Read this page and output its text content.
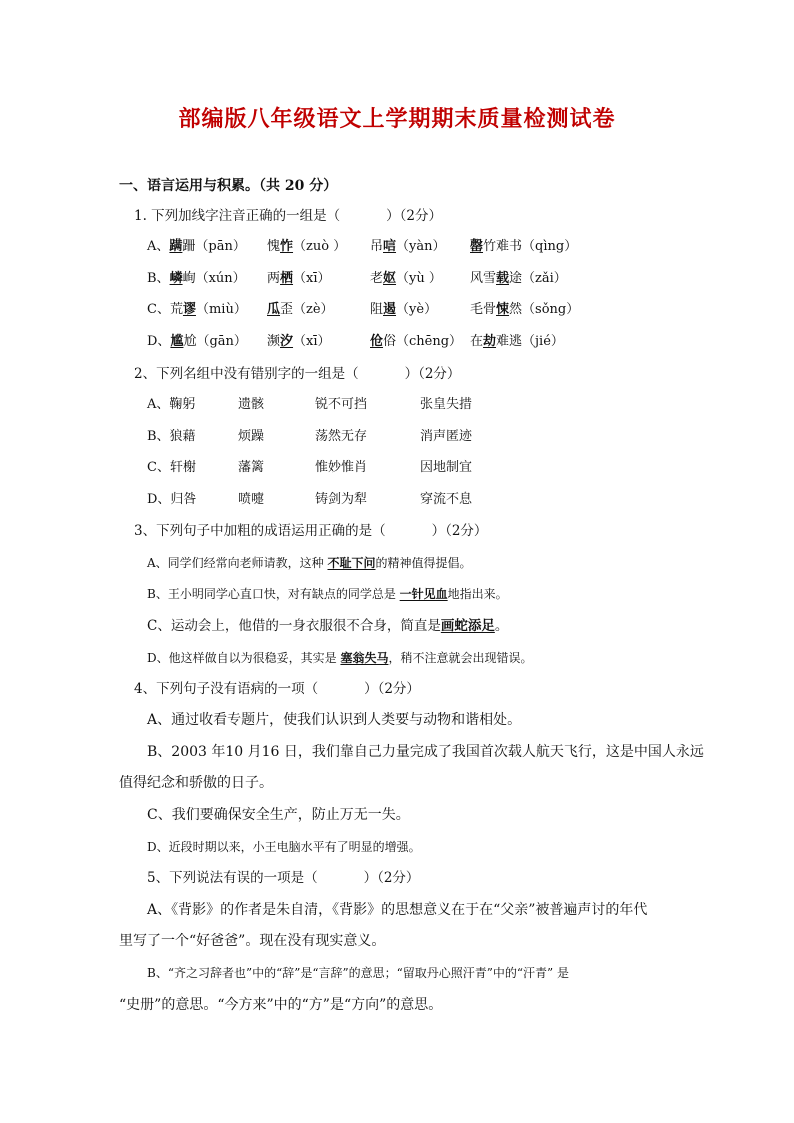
部编版八年级语文上学期期末质量检测试卷
一、语言运用与积累。（共 20 分）
1. 下列加线字注音正确的一组是（	）（2分）
A、蹒跚（pān） 愧怍（zuò ） 吊唁（yàn） 罄竹难书（qìng）
B、嶙峋（xún） 两栖（xī）	老妪（yù ） 风雪载途（zǎi）
C、荒谬（miù） 瓜歪（zè）	阻遏（yè）	毛骨悚然（sǒng）
D、尴尬（gān） 濒汐（xī）	伧俗（chēng） 在劫难逃（jié）
2、下列名组中没有错别字的一组是（	）（2分）
A、鞠躬	遗骸	锐不可挡	张皇失措
B、狼藉	烦躁	荡然无存	消声匿迹
C、轩榭	藩篱	惟妙惟肖	因地制宜
D、归咎	喷嚏	铸剑为犁	穿流不息
3、下列句子中加粗的成语运用正确的是（	）（2分）
A、同学们经常向老师请教，这种 不耻下问的精神值得提倡。
B、王小明同学心直口快，对有缺点的同学总是 一针见血地指出来。
C、运动会上，他借的一身衣服很不合身，简直是画蛇添足。
D、他这样做自以为很稳妥，其实是 塞翁失马，稍不注意就会出现错误。
4、下列句子没有语病的一项（	）（2分）
A、通过收看专题片，使我们认识到人类要与动物和谐相处。
B、2003 年10 月16 日，我们靠自己力量完成了我国首次载人航天飞行，这是中国人永远
值得纪念和骄傲的日子。
C、我们要确保安全生产，防止万无一失。
D、近段时期以来，小王电脑水平有了明显的增强。
5、下列说法有误的一项是（	）（2分）
A、《背影》的作者是朱自清，《背影》的思想意义在于在“父亲”被普遍声讨的年代
里写了一个“好爸爸”。现在没有现实意义。
B、“齐之习辞者也”中的“辞”是“言辞”的意思；“留取丹心照汗青”中的“汗青” 是
“史册”的意思。“今方来”中的“方”是“方向”的意思。
